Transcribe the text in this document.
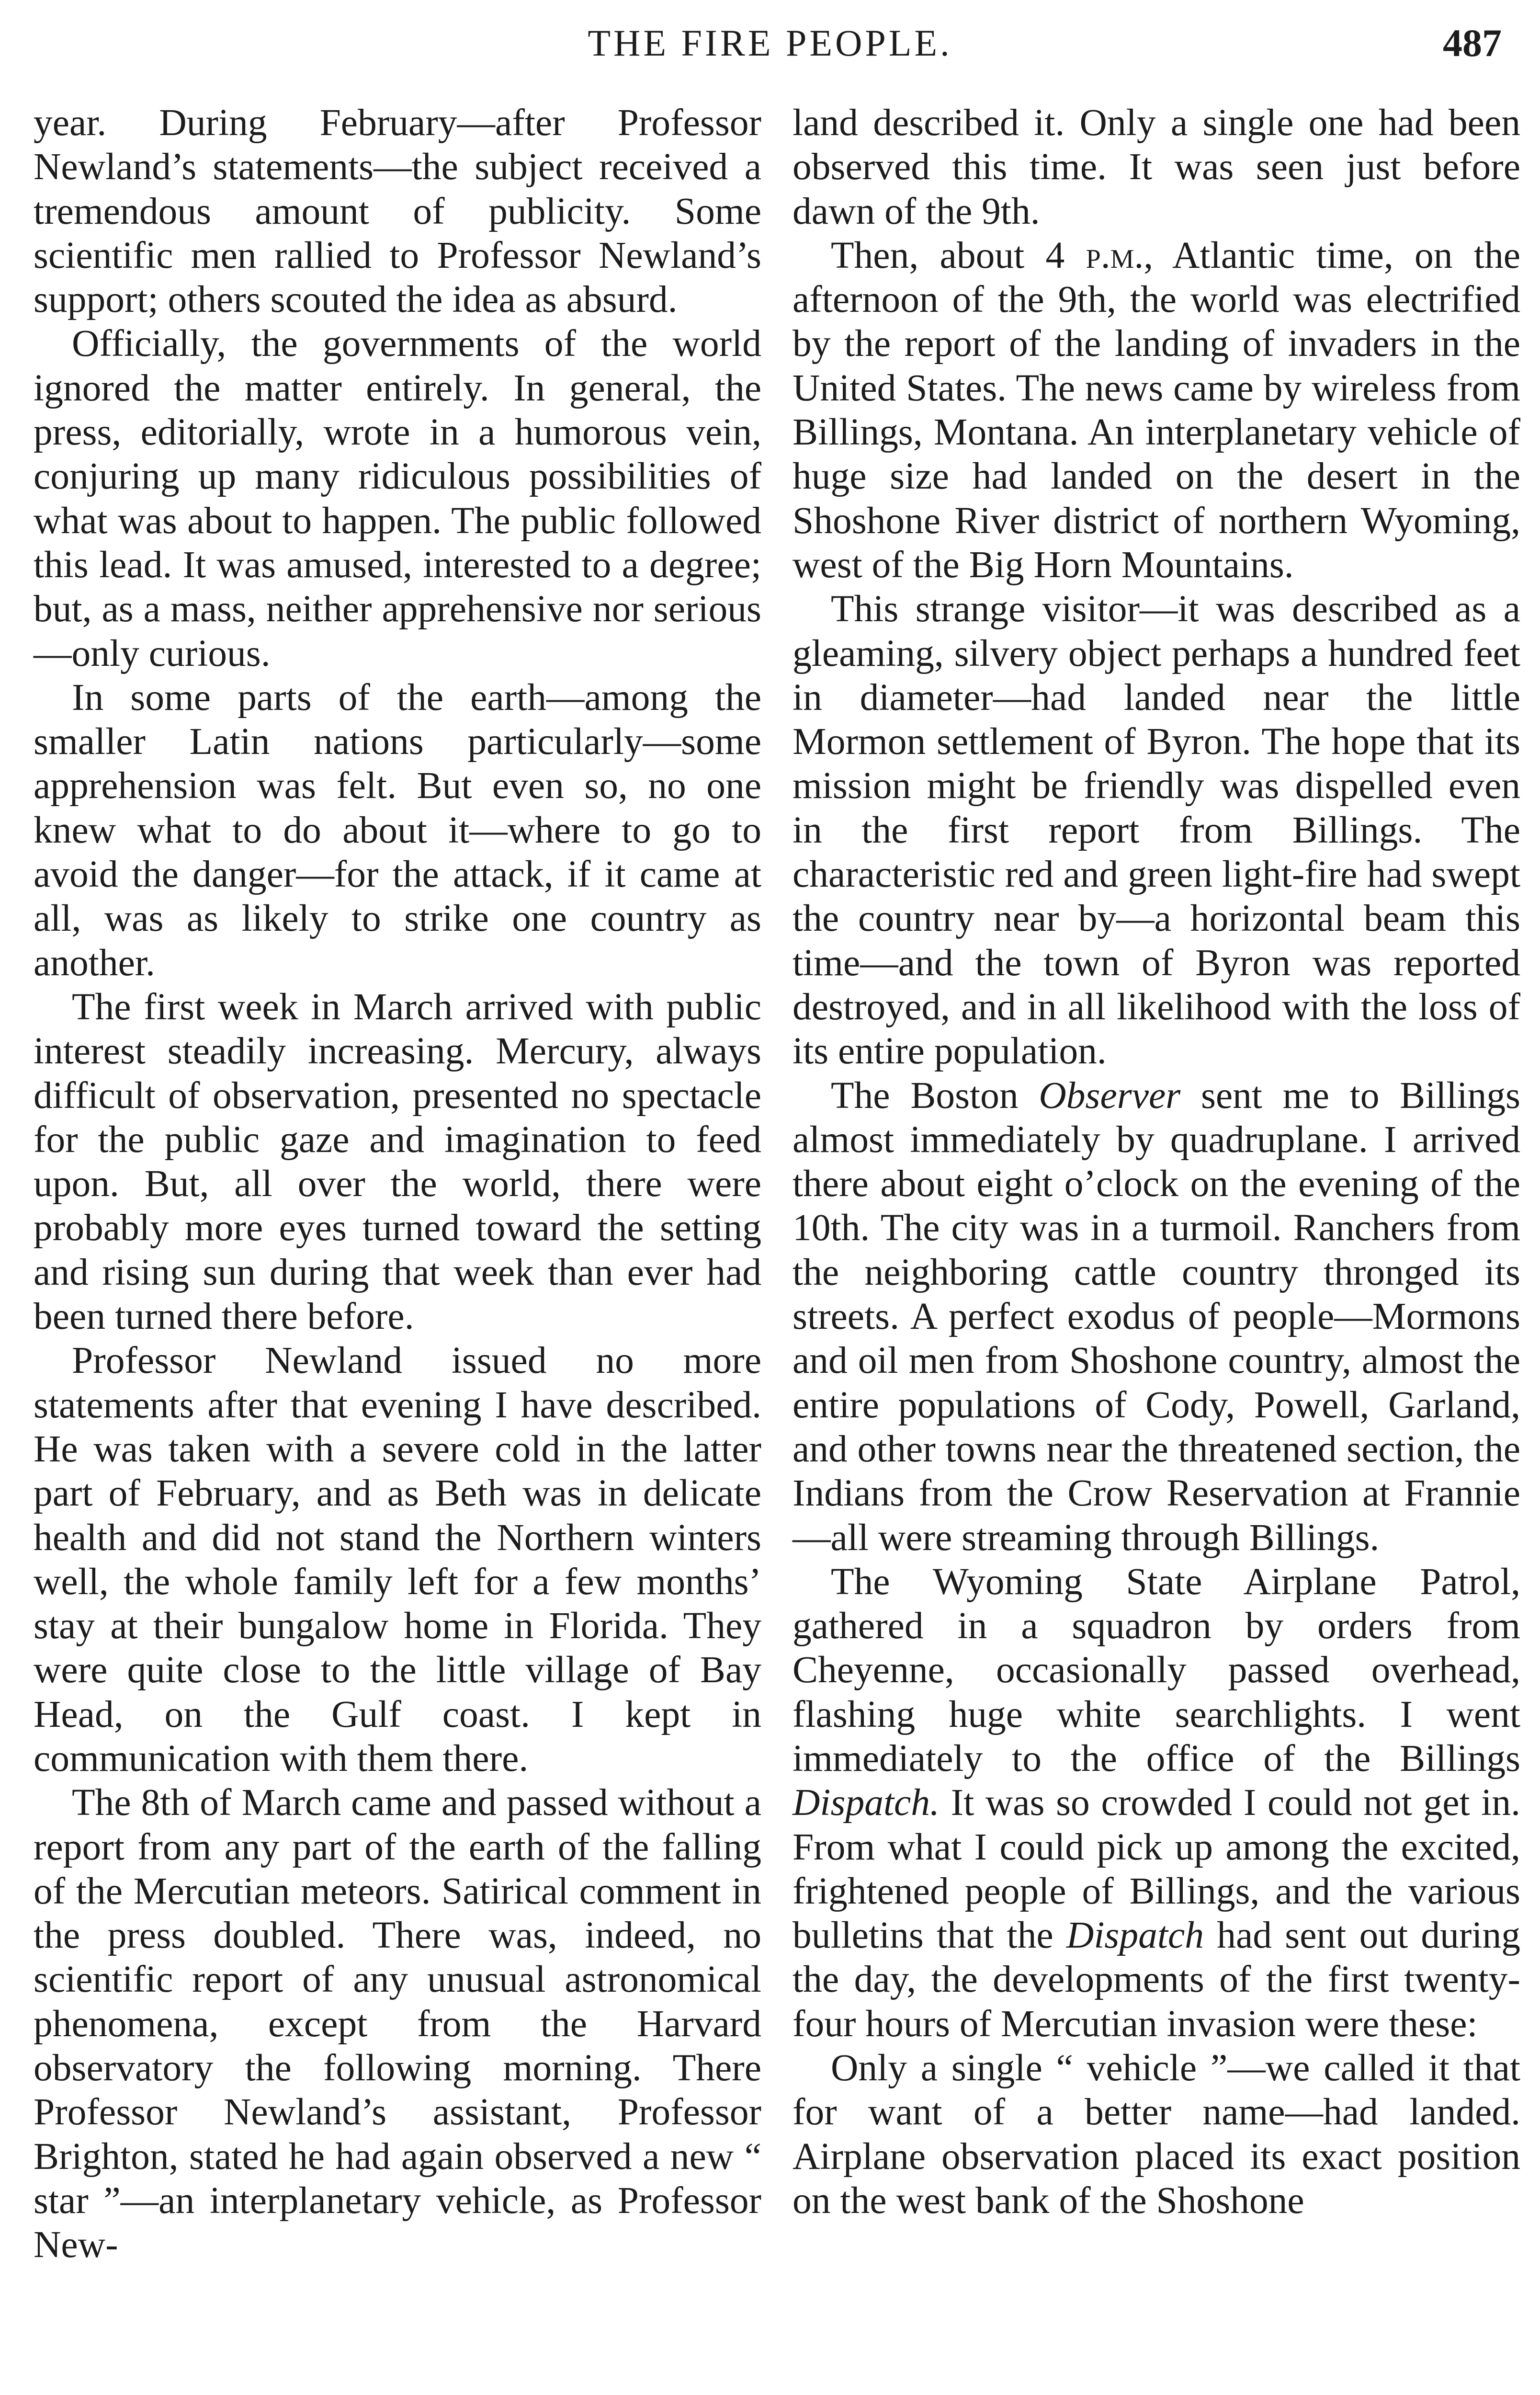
THE FIRE PEOPLE.	487

year. During February—after Professor Newland’s statements—the subject received a tremendous amount of publicity. Some scientific men rallied to Professor Newland’s support; others scouted the idea as absurd.

Officially, the governments of the world ignored the matter entirely. In general, the press, editorially, wrote in a humorous vein, conjuring up many ridiculous possibilities of what was about to happen. The public followed this lead. It was amused, interested to a degree; but, as a mass, neither apprehensive nor serious—only curious.

In some parts of the earth—among the smaller Latin nations particularly—some apprehension was felt. But even so, no one knew what to do about it—where to go to avoid the danger—for the attack, if it came at all, was as likely to strike one country as another.

The first week in March arrived with public interest steadily increasing. Mercury, always difficult of observation, presented no spectacle for the public gaze and imagination to feed upon. But, all over the world, there were probably more eyes turned toward the setting and rising sun during that week than ever had been turned there before.

Professor Newland issued no more statements after that evening I have described. He was taken with a severe cold in the latter part of February, and as Beth was in delicate health and did not stand the Northern winters well, the whole family left for a few months’ stay at their bungalow home in Florida. They were quite close to the little village of Bay Head, on the Gulf coast. I kept in communication with them there.

The 8th of March came and passed without a report from any part of the earth of the falling of the Mercutian meteors. Satirical comment in the press doubled. There was, indeed, no scientific report of any unusual astronomical phenomena, except from the Harvard observatory the following morning. There Professor Newland’s assistant, Professor Brighton, stated he had again observed a new “ star ”—an interplanetary vehicle, as Professor New-

land described it. Only a single one had been observed this time. It was seen just before dawn of the 9th.

Then, about 4 p.m., Atlantic time, on the afternoon of the 9th, the world was electrified by the report of the landing of invaders in the United States. The news came by wireless from Billings, Montana. An interplanetary vehicle of huge size had landed on the desert in the Shoshone River district of northern Wyoming, west of the Big Horn Mountains.

This strange visitor—it was described as a gleaming, silvery object perhaps a hundred feet in diameter—had landed near the little Mormon settlement of Byron. The hope that its mission might be friendly was dispelled even in the first report from Billings. The characteristic red and green light-fire had swept the country near by—a horizontal beam this time—and the town of Byron was reported destroyed, and in all likelihood with the loss of its entire population.

The Boston Observer sent me to Billings almost immediately by quadruplane. I arrived there about eight o’clock on the evening of the 10th. The city was in a turmoil. Ranchers from the neighboring cattle country thronged its streets. A perfect exodus of people—Mormons and oil men from Shoshone country, almost the entire populations of Cody, Powell, Garland, and other towns near the threatened section, the Indians from the Crow Reservation at Frannie—all were streaming through Billings.

The Wyoming State Airplane Patrol, gathered in a squadron by orders from Cheyenne, occasionally passed overhead, flashing huge white searchlights. I went immediately to the office of the Billings Dispatch. It was so crowded I could not get in. From what I could pick up among the excited, frightened people of Billings, and the various bulletins that the Dispatch had sent out during the day, the developments of the first twenty-four hours of Mercutian invasion were these:

Only a single “ vehicle ”—we called it that for want of a better name—had landed. Airplane observation placed its exact position on the west bank of the Shoshone
